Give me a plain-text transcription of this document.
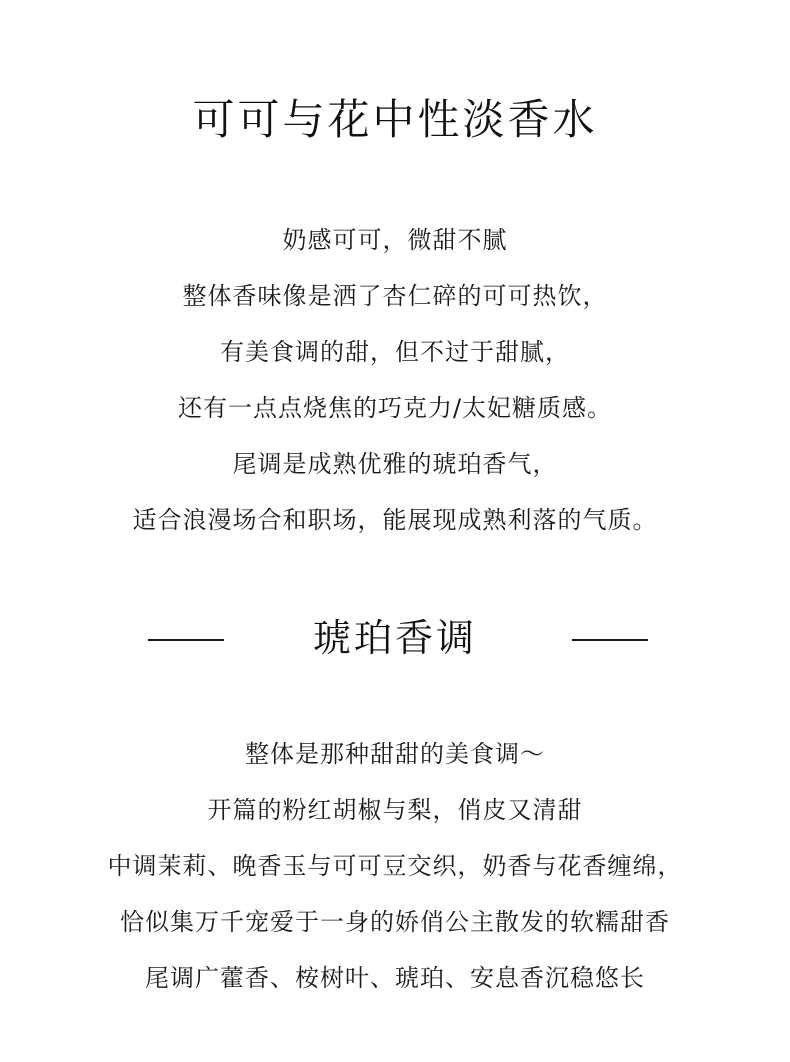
可可与花中性淡香水
奶感可可，微甜不腻
整体香味像是洒了杏仁碎的可可热饮，
有美食调的甜，但不过于甜腻，
还有一点点烧焦的巧克力/太妃糖质感。
尾调是成熟优雅的琥珀香气，
适合浪漫场合和职场，能展现成熟利落的气质。
琥珀香调
整体是那种甜甜的美食调～
开篇的粉红胡椒与梨，俏皮又清甜
中调茉莉、晚香玉与可可豆交织，奶香与花香缠绵，
恰似集万千宠爱于一身的娇俏公主散发的软糯甜香
尾调广藿香、桉树叶、琥珀、安息香沉稳悠长
